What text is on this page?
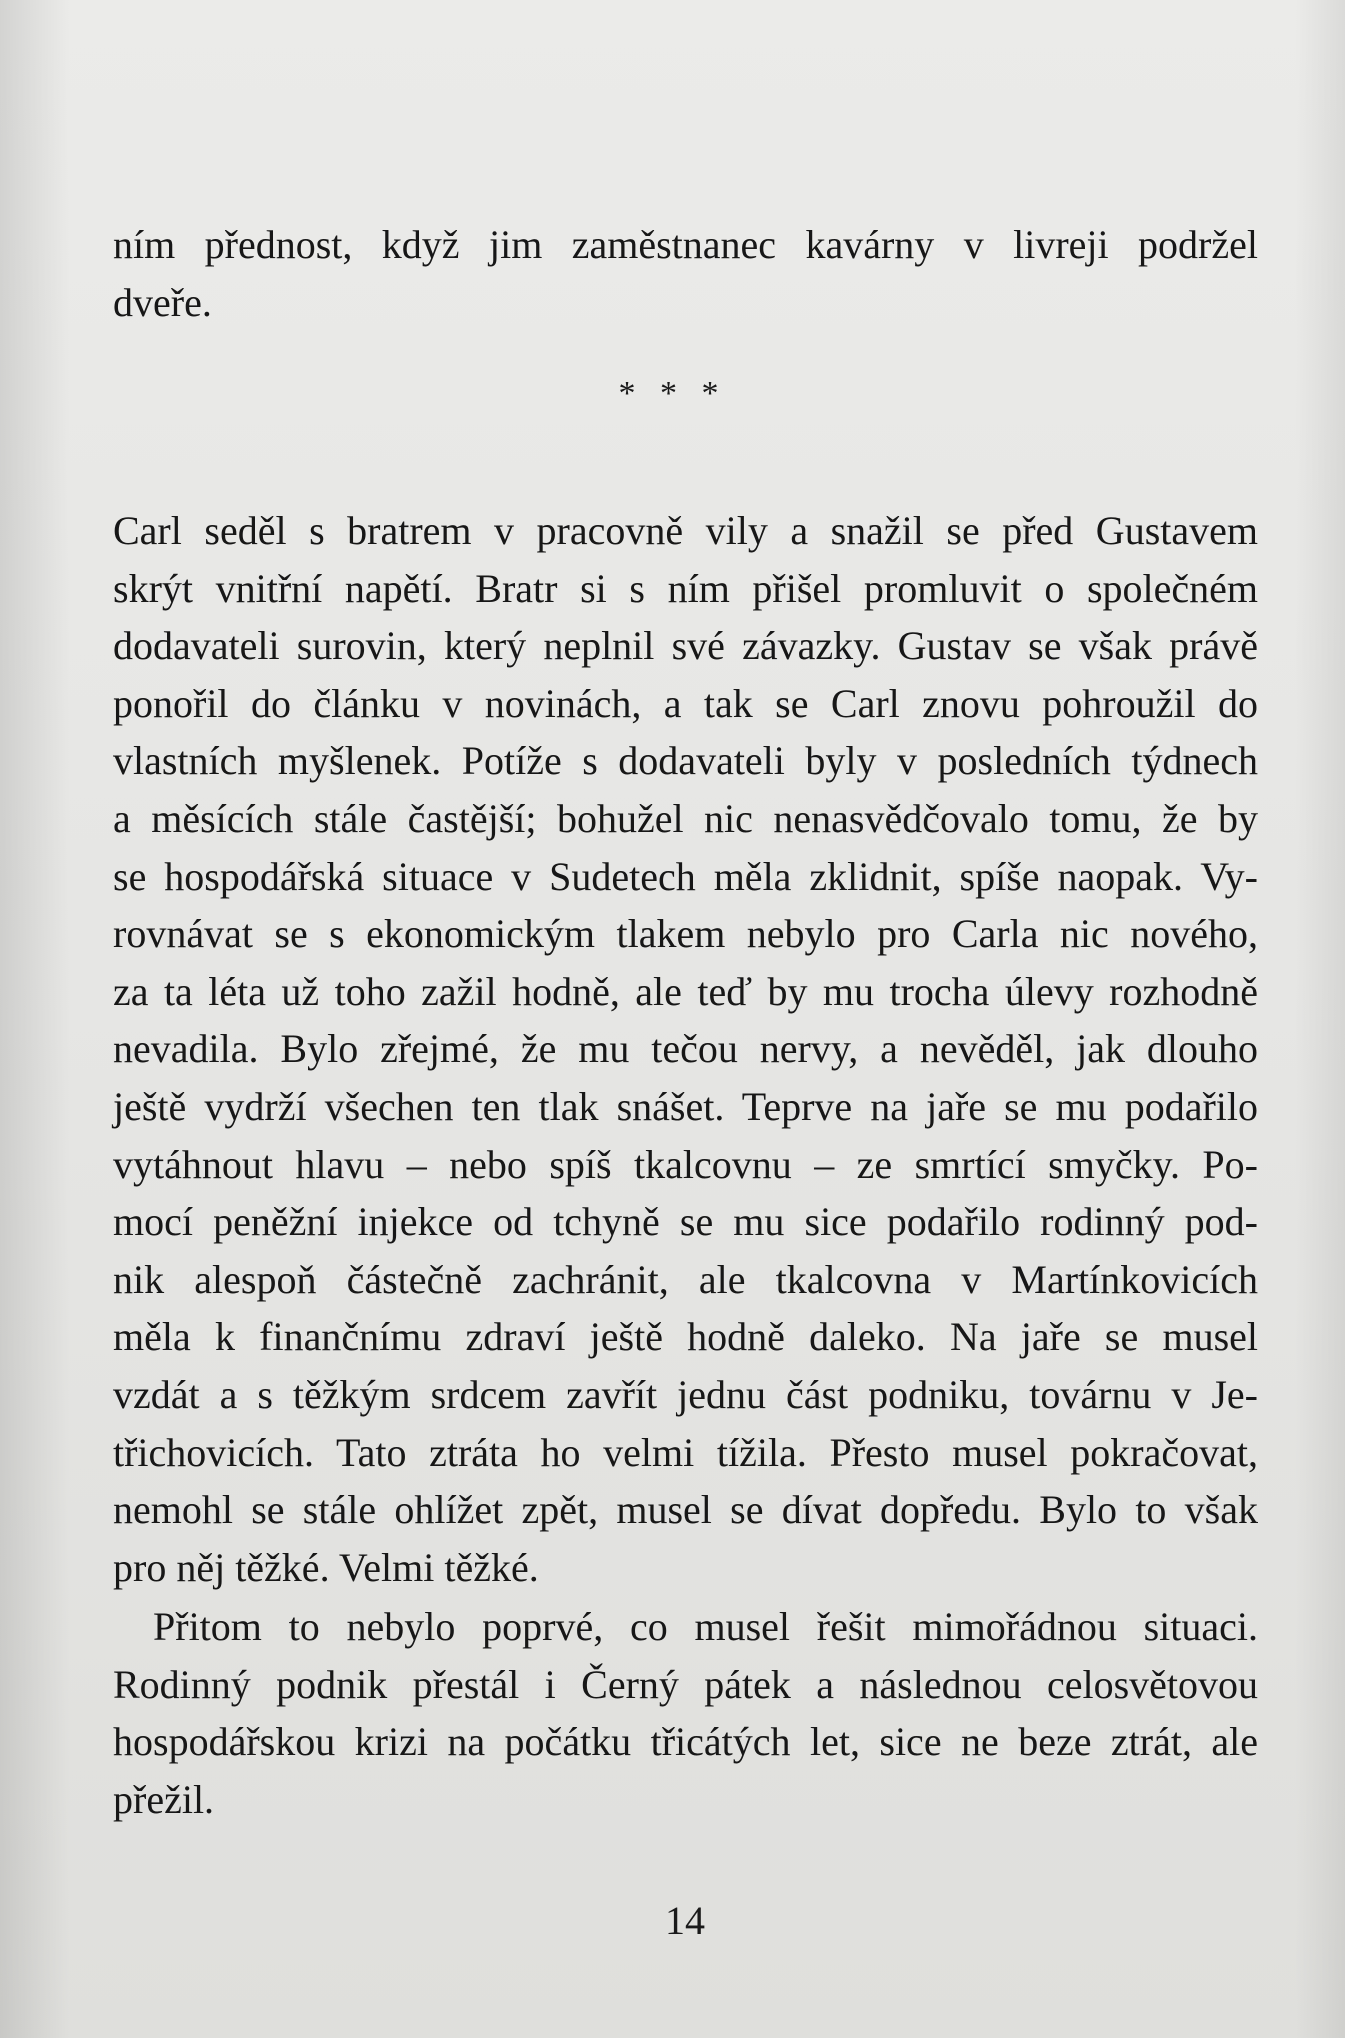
ním přednost, když jim zaměstnanec kavárny v livreji podržel
dveře.
* * *
Carl seděl s bratrem v pracovně vily a snažil se před Gustavem
skrýt vnitřní napětí. Bratr si s ním přišel promluvit o společném
dodavateli surovin, který neplnil své závazky. Gustav se však právě
ponořil do článku v novinách, a tak se Carl znovu pohroužil do
vlastních myšlenek. Potíže s dodavateli byly v posledních týdnech
a měsících stále častější; bohužel nic nenasvědčovalo tomu, že by
se hospodářská situace v Sudetech měla zklidnit, spíše naopak. Vy-
rovnávat se s ekonomickým tlakem nebylo pro Carla nic nového,
za ta léta už toho zažil hodně, ale teď by mu trocha úlevy rozhodně
nevadila. Bylo zřejmé, že mu tečou nervy, a nevěděl, jak dlouho
ještě vydrží všechen ten tlak snášet. Teprve na jaře se mu podařilo
vytáhnout hlavu – nebo spíš tkalcovnu – ze smrtící smyčky. Po-
mocí peněžní injekce od tchyně se mu sice podařilo rodinný pod-
nik alespoň částečně zachránit, ale tkalcovna v Martínkovicích
měla k finančnímu zdraví ještě hodně daleko. Na jaře se musel
vzdát a s těžkým srdcem zavřít jednu část podniku, továrnu v Je-
třichovicích. Tato ztráta ho velmi tížila. Přesto musel pokračovat,
nemohl se stále ohlížet zpět, musel se dívat dopředu. Bylo to však
pro něj těžké. Velmi těžké.
Přitom to nebylo poprvé, co musel řešit mimořádnou situaci.
Rodinný podnik přestál i Černý pátek a následnou celosvětovou
hospodářskou krizi na počátku třicátých let, sice ne beze ztrát, ale
přežil.
14
